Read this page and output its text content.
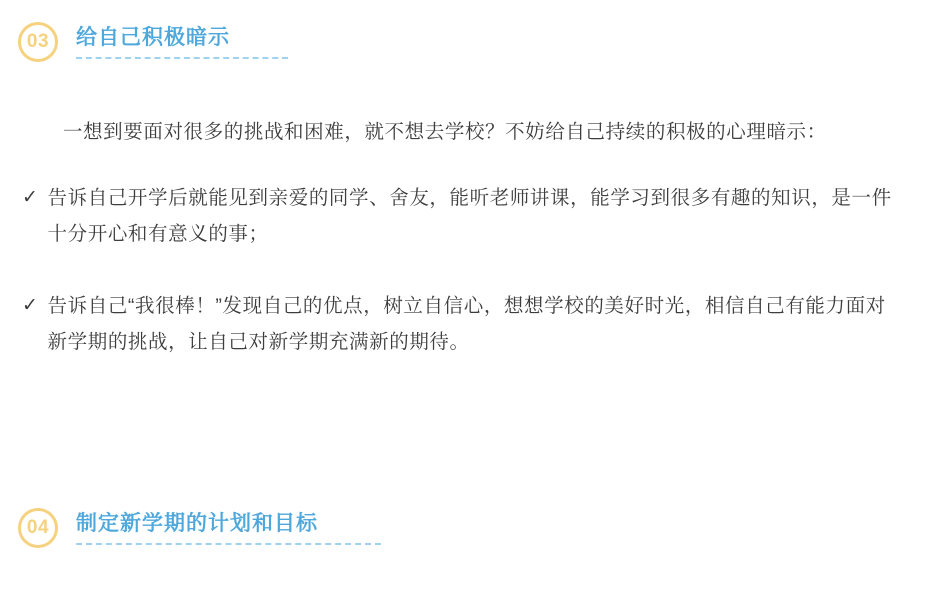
03	给自己积极暗示

一想到要面对很多的挑战和困难，就不想去学校？不妨给自己持续的积极的心理暗示：

✓ 告诉自己开学后就能见到亲爱的同学、舍友，能听老师讲课，能学习到很多有趣的知识，是一件十分开心和有意义的事；
✓ 告诉自己“我很棒！”发现自己的优点，树立自信心，想想学校的美好时光，相信自己有能力面对新学期的挑战，让自己对新学期充满新的期待。
04	制定新学期的计划和目标
